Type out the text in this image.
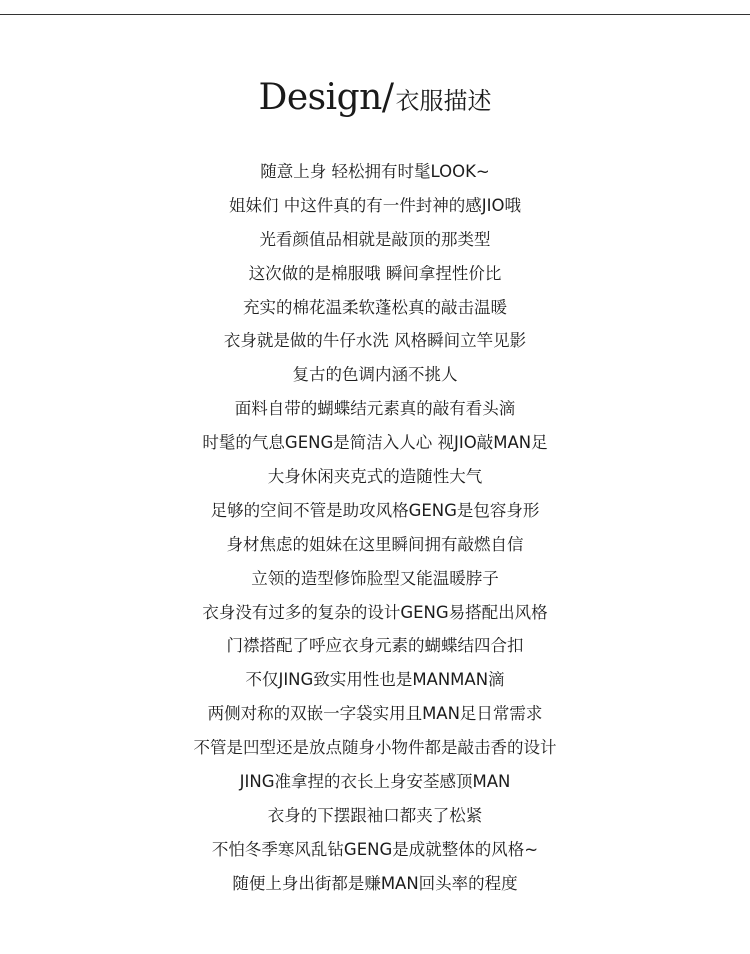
Design/衣服描述
随意上身 轻松拥有时髦LOOK~
姐妹们 中这件真的有一件封神的感JIO哦
光看颜值品相就是敲顶的那类型
这次做的是棉服哦 瞬间拿捏性价比
充实的棉花温柔软蓬松真的敲击温暖
衣身就是做的牛仔水洗 风格瞬间立竿见影
复古的色调内涵不挑人
面料自带的蝴蝶结元素真的敲有看头滴
时髦的气息GENG是简洁入人心 视JIO敲MAN足
大身休闲夹克式的造随性大气
足够的空间不管是助攻风格GENG是包容身形
身材焦虑的姐妹在这里瞬间拥有敲燃自信
立领的造型修饰脸型又能温暖脖子
衣身没有过多的复杂的设计GENG易搭配出风格
门襟搭配了呼应衣身元素的蝴蝶结四合扣
不仅JING致实用性也是MANMAN滴
两侧对称的双嵌一字袋实用且MAN足日常需求
不管是凹型还是放点随身小物件都是敲击香的设计
JING准拿捏的衣长上身安荃感顶MAN
衣身的下摆跟袖口都夹了松紧
不怕冬季寒风乱钻GENG是成就整体的风格~
随便上身出街都是赚MAN回头率的程度
